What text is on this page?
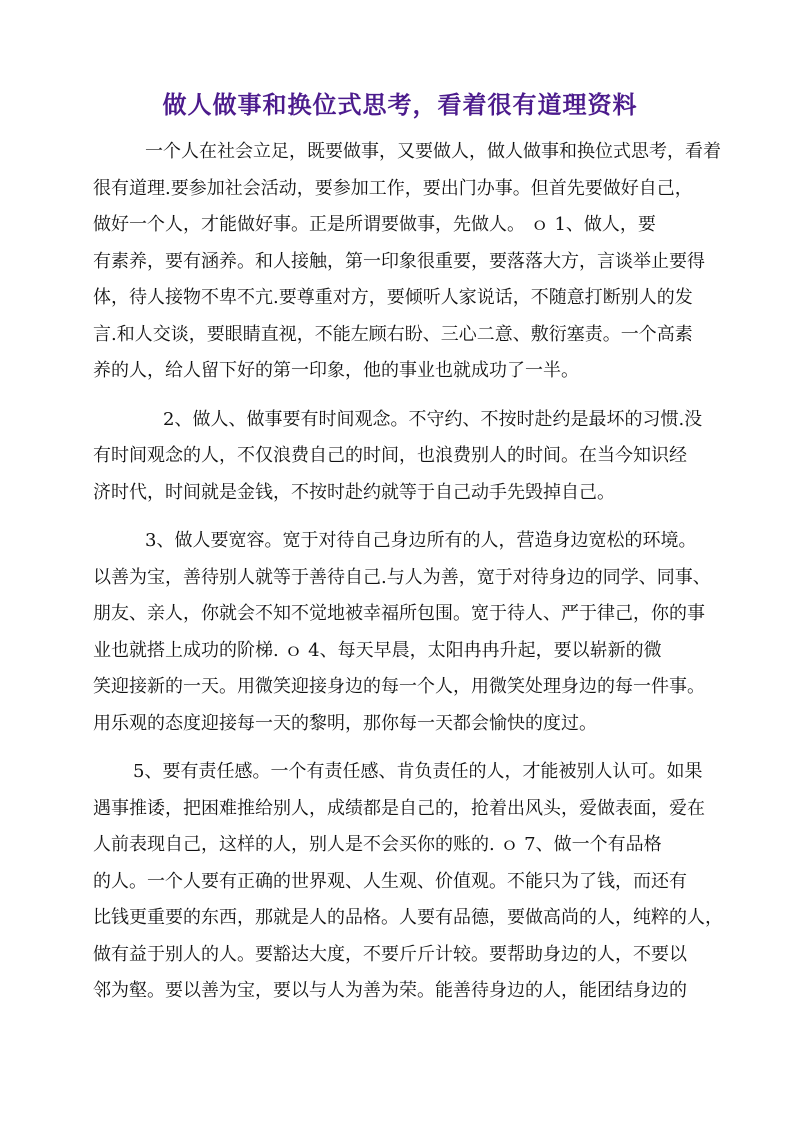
做人做事和换位式思考，看着很有道理资料
一个人在社会立足，既要做事，又要做人，做人做事和换位式思考，看着
很有道理.要参加社会活动，要参加工作，要出门办事。但首先要做好自己，
做好一个人，才能做好事。正是所谓要做事，先做人。 ｏ 1、做人，要
有素养，要有涵养。和人接触，第一印象很重要，要落落大方，言谈举止要得
体，待人接物不卑不亢.要尊重对方，要倾听人家说话，不随意打断别人的发
言.和人交谈，要眼睛直视，不能左顾右盼、三心二意、敷衍塞责。一个高素
养的人，给人留下好的第一印象，他的事业也就成功了一半。
2、做人、做事要有时间观念。不守约、不按时赴约是最坏的习惯.没
有时间观念的人，不仅浪费自己的时间，也浪费别人的时间。在当今知识经
济时代，时间就是金钱，不按时赴约就等于自己动手先毁掉自己。
3、做人要宽容。宽于对待自己身边所有的人，营造身边宽松的环境。
以善为宝，善待别人就等于善待自己.与人为善，宽于对待身边的同学、同事、
朋友、亲人，你就会不知不觉地被幸福所包围。宽于待人、严于律己，你的事
业也就搭上成功的阶梯. ｏ 4、每天早晨，太阳冉冉升起，要以崭新的微
笑迎接新的一天。用微笑迎接身边的每一个人，用微笑处理身边的每一件事。
用乐观的态度迎接每一天的黎明，那你每一天都会愉快的度过。
5、要有责任感。一个有责任感、肯负责任的人，才能被别人认可。如果
遇事推诿，把困难推给别人，成绩都是自己的，抢着出风头，爱做表面，爱在
人前表现自己，这样的人，别人是不会买你的账的. ｏ 7、做一个有品格
的人。一个人要有正确的世界观、人生观、价值观。不能只为了钱，而还有
比钱更重要的东西，那就是人的品格。人要有品德，要做高尚的人，纯粹的人，
做有益于别人的人。要豁达大度，不要斤斤计较。要帮助身边的人，不要以
邻为壑。要以善为宝，要以与人为善为荣。能善待身边的人，能团结身边的
